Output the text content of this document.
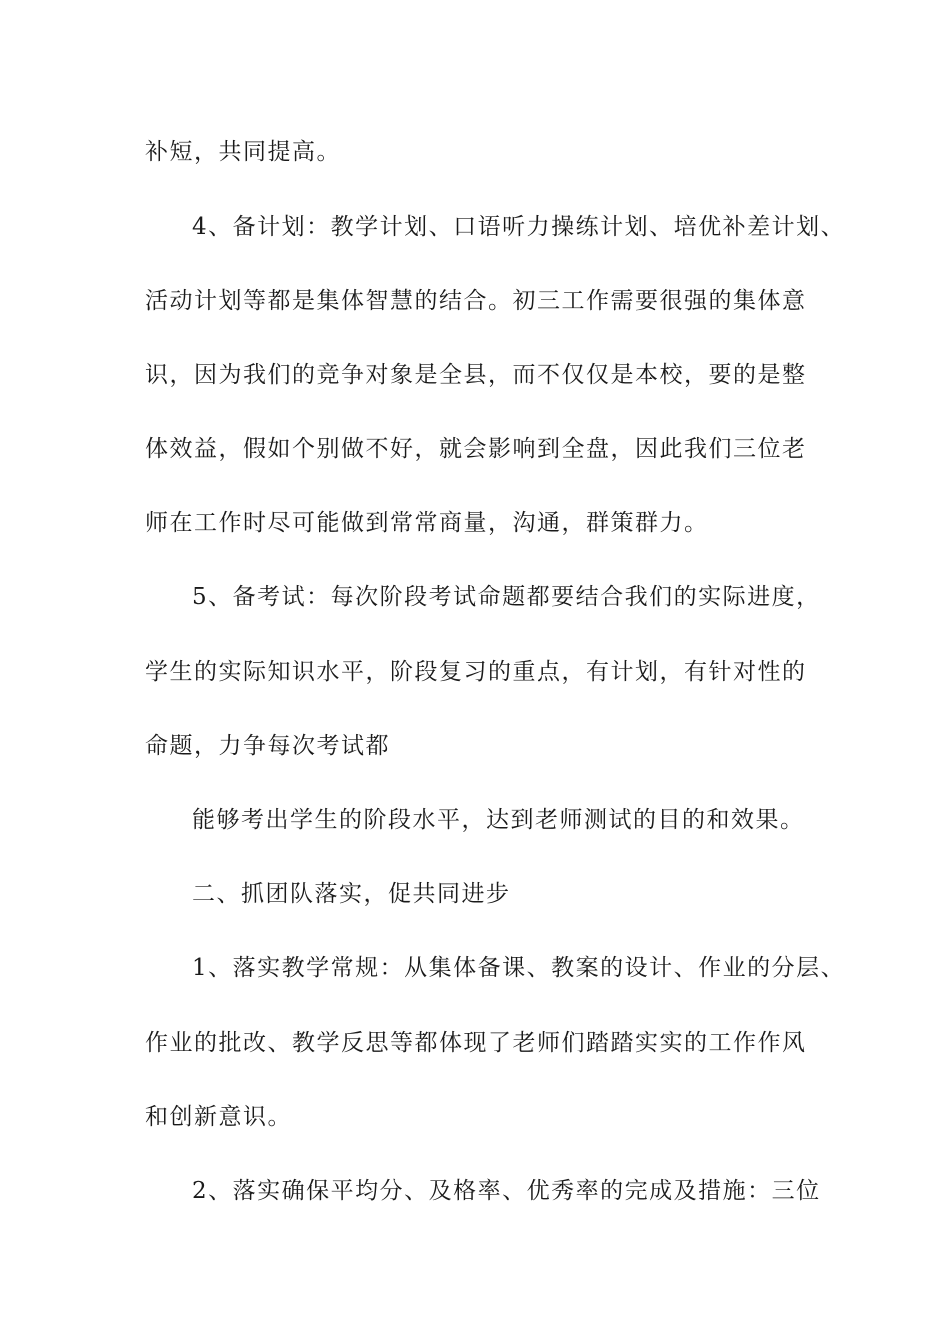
补短，共同提高。
4、备计划：教学计划、口语听力操练计划、培优补差计划、
活动计划等都是集体智慧的结合。初三工作需要很强的集体意
识，因为我们的竞争对象是全县，而不仅仅是本校，要的是整
体效益，假如个别做不好，就会影响到全盘，因此我们三位老
师在工作时尽可能做到常常商量，沟通，群策群力。
5、备考试：每次阶段考试命题都要结合我们的实际进度，
学生的实际知识水平，阶段复习的重点，有计划，有针对性的
命题，力争每次考试都
能够考出学生的阶段水平，达到老师测试的目的和效果。
二、抓团队落实，促共同进步
1、落实教学常规：从集体备课、教案的设计、作业的分层、
作业的批改、教学反思等都体现了老师们踏踏实实的工作作风
和创新意识。
2、落实确保平均分、及格率、优秀率的完成及措施：三位
